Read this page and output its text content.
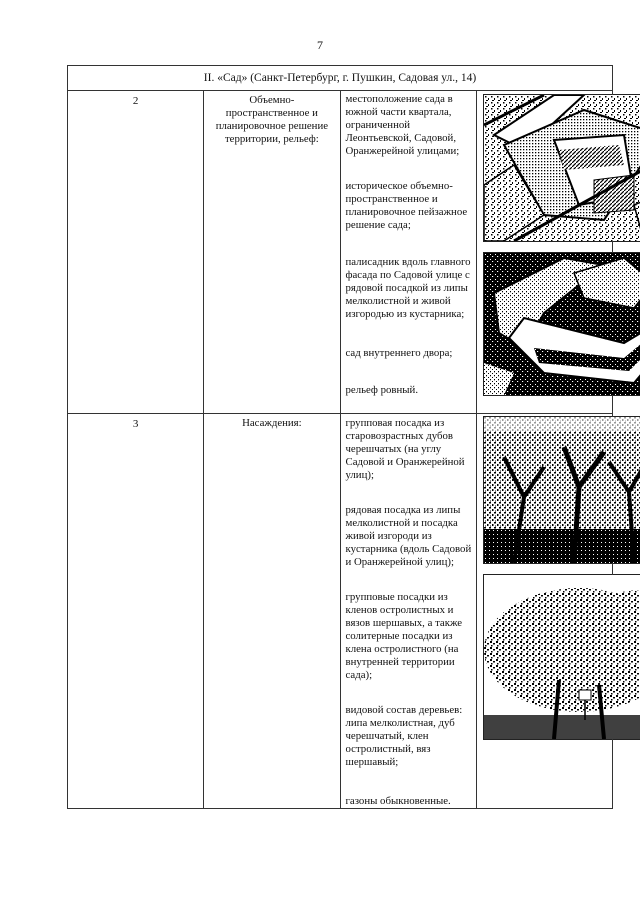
7
II. «Сад» (Санкт-Петербург, г. Пушкин, Садовая ул., 14)			
2	Объемно-пространственное и планировочное решение территории, рельеф:	местоположение сада в южной части квартала, ограниченной Леонтьевской, Садовой, Оранжерейной улицами;

историческое объемно-пространственное и планировочное пейзажное решение сада;

палисадник вдоль главного фасада по Садовой улице с рядовой посадкой из липы мелколистной и живой изгородью из кустарника;

сад внутреннего двора;

рельеф ровный.

3	Насаждения:	групповая посадка из старовозрастных дубов черешчатых (на углу Садовой и Оранжерейной улиц);

рядовая посадка из липы мелколистной и посадка живой изгороди из кустарника (вдоль Садовой и Оранжерейной улиц);

групповые посадки из кленов остролистных и вязов шершавых, а также солитерные посадки из клена остролистного (на внутренней территории сада);

видовой состав деревьев: липа мелколистная, дуб черешчатый, клен остролистный, вяз шершавый;

газоны обыкновенные.
